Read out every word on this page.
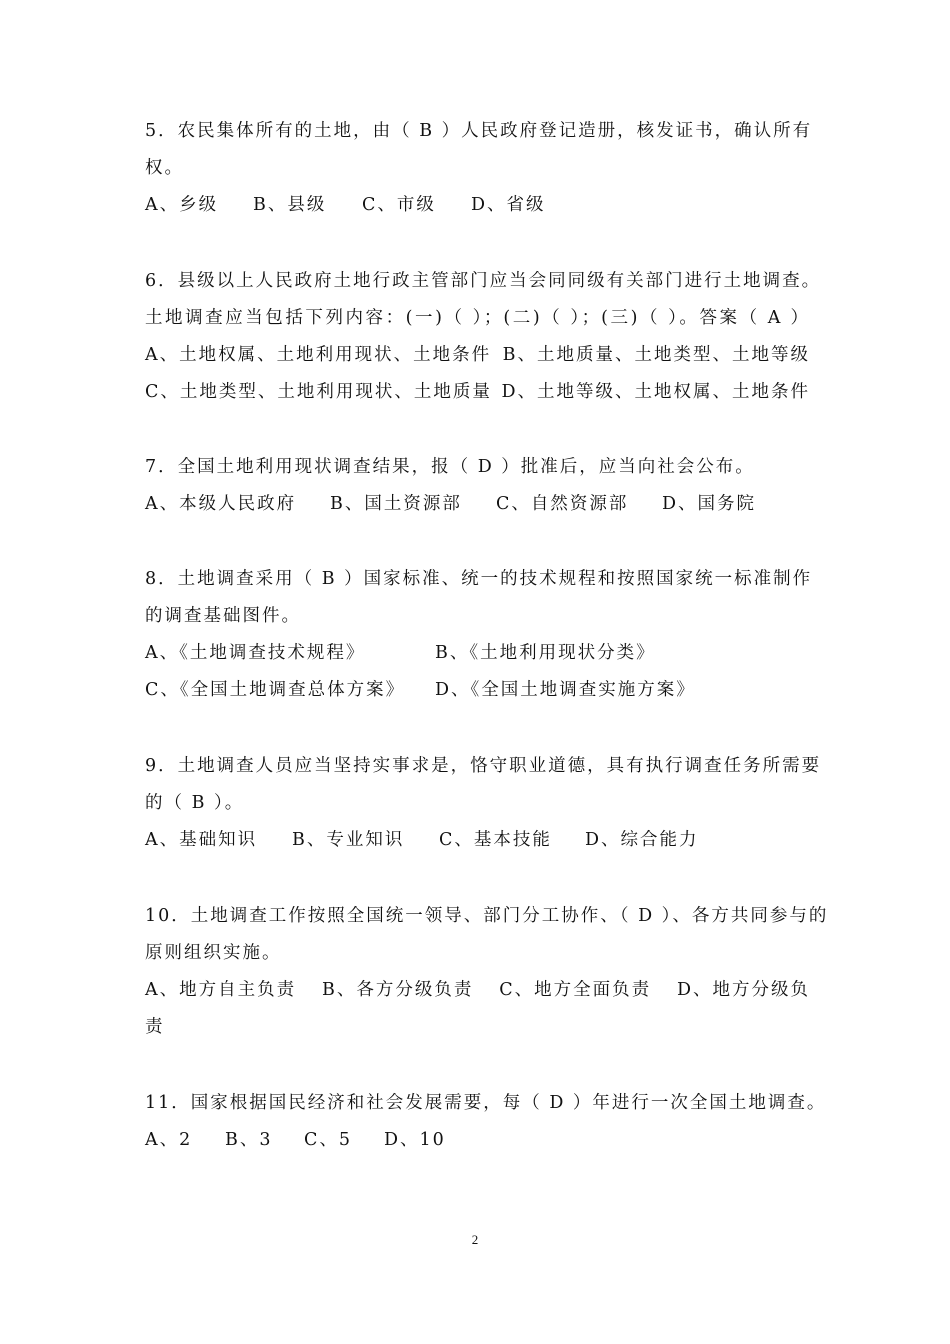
5．农民集体所有的土地，由（ B ）人民政府登记造册，核发证书，确认所有
权。
A、乡级 B、县级 C、市级 D、省级
6．县级以上人民政府土地行政主管部门应当会同同级有关部门进行土地调查。
土地调查应当包括下列内容：(一)（ ）；(二)（ ）；(三)（ ）。答案（ A ）
A、土地权属、土地利用现状、土地条件 B、土地质量、土地类型、土地等级
C、土地类型、土地利用现状、土地质量 D、土地等级、土地权属、土地条件
7．全国土地利用现状调查结果，报（ D ）批准后，应当向社会公布。
A、本级人民政府 B、国土资源部 C、自然资源部 D、国务院
8．土地调查采用（ B ）国家标准、统一的技术规程和按照国家统一标准制作
的调查基础图件。
A、《土地调查技术规程》	B、《土地利用现状分类》
C、《全国土地调查总体方案》 D、《全国土地调查实施方案》
9．土地调查人员应当坚持实事求是，恪守职业道德，具有执行调查任务所需要
的（ B ）。
A、基础知识 B、专业知识 C、基本技能 D、综合能力
10．土地调查工作按照全国统一领导、部门分工协作、（ D ）、各方共同参与的
原则组织实施。
A、地方自主负责 B、各方分级负责 C、地方全面负责 D、地方分级负
责
11．国家根据国民经济和社会发展需要，每（ D ）年进行一次全国土地调查。
A、2 B、3 C、5 D、10
2
